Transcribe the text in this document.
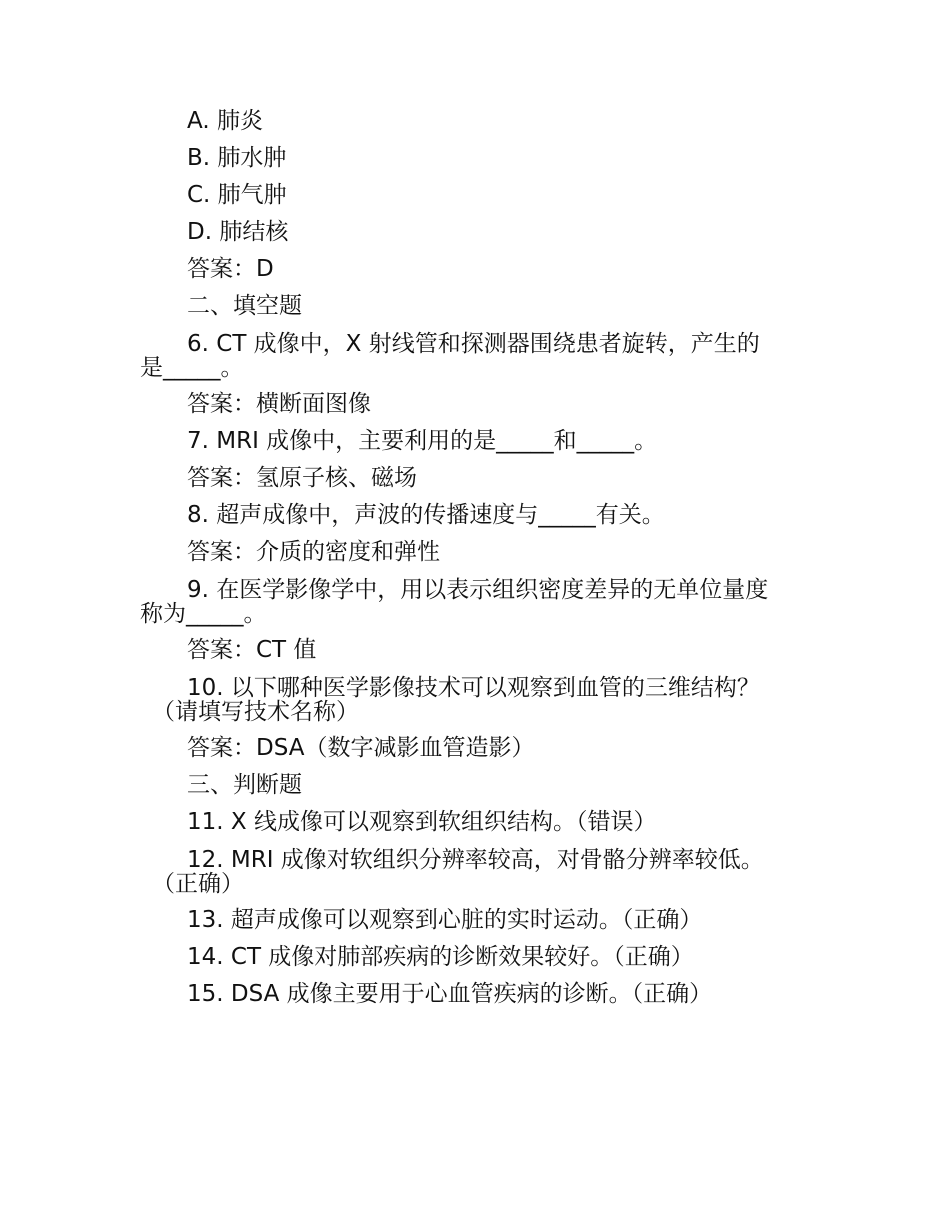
A. 肺炎
B. 肺水肿
C. 肺气肿
D. 肺结核
答案：D
二、填空题
6. CT 成像中，X 射线管和探测器围绕患者旋转，产生的
是_____。
答案：横断面图像
7. MRI 成像中，主要利用的是_____和_____。
答案：氢原子核、磁场
8. 超声成像中，声波的传播速度与_____有关。
答案：介质的密度和弹性
9. 在医学影像学中，用以表示组织密度差异的无单位量度
称为_____。
答案：CT 值
10. 以下哪种医学影像技术可以观察到血管的三维结构？
（请填写技术名称）
答案：DSA（数字减影血管造影）
三、判断题
11. X 线成像可以观察到软组织结构。（错误）
12. MRI 成像对软组织分辨率较高，对骨骼分辨率较低。
（正确）
13. 超声成像可以观察到心脏的实时运动。（正确）
14. CT 成像对肺部疾病的诊断效果较好。（正确）
15. DSA 成像主要用于心血管疾病的诊断。（正确）
